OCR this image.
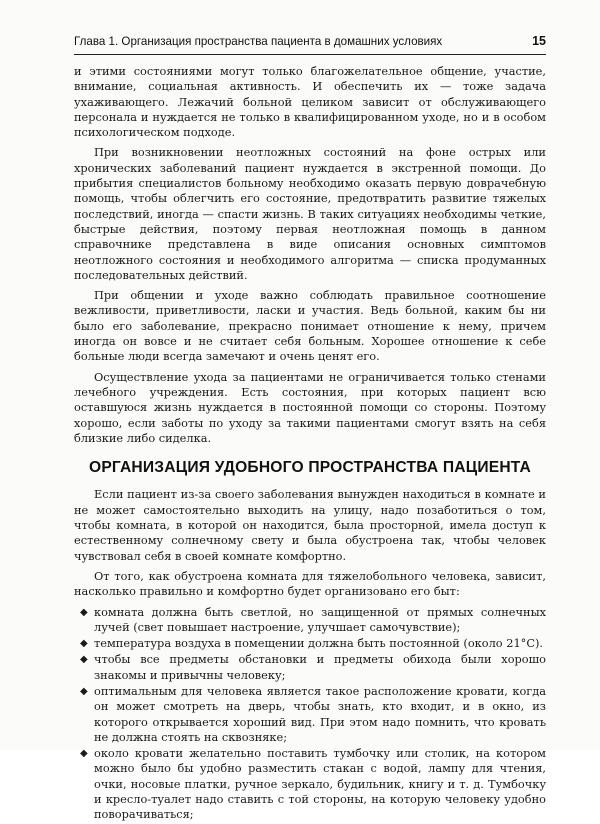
Глава 1. Организация пространства пациента в домашних условиях	15

и этими состояниями могут только благожелательное общение, участие, внимание, социальная активность. И обеспечить их — тоже задача ухаживающего. Лежачий больной целиком зависит от обслуживающего персонала и нуждается не только в квалифицированном уходе, но и в особом психологическом подходе.

При возникновении неотложных состояний на фоне острых или хронических заболеваний пациент нуждается в экстренной помощи. До прибытия специалистов больному необходимо оказать первую доврачебную помощь, чтобы облегчить его состояние, предотвратить развитие тяжелых последствий, иногда — спасти жизнь. В таких ситуациях необходимы четкие, быстрые действия, поэтому первая неотложная помощь в данном справочнике представлена в виде описания основных симптомов неотложного состояния и необходимого алгоритма — списка продуманных последовательных действий.

При общении и уходе важно соблюдать правильное соотношение вежливости, приветливости, ласки и участия. Ведь больной, каким бы ни было его заболевание, прекрасно понимает отношение к нему, причем иногда он вовсе и не считает себя больным. Хорошее отношение к себе больные люди всегда замечают и очень ценят его.

Осуществление ухода за пациентами не ограничивается только стенами лечебного учреждения. Есть состояния, при которых пациент всю оставшуюся жизнь нуждается в постоянной помощи со стороны. Поэтому хорошо, если заботы по уходу за такими пациентами смогут взять на себя близкие либо сиделка.

ОРГАНИЗАЦИЯ УДОБНОГО ПРОСТРАНСТВА ПАЦИЕНТА

Если пациент из-за своего заболевания вынужден находиться в комнате и не может самостоятельно выходить на улицу, надо позаботиться о том, чтобы комната, в которой он находится, была просторной, имела доступ к естественному солнечному свету и была обустроена так, чтобы человек чувствовал себя в своей комнате комфортно.

От того, как обустроена комната для тяжелобольного человека, зависит, насколько правильно и комфортно будет организовано его быт:

◆ комната должна быть светлой, но защищенной от прямых солнечных лучей (свет повышает настроение, улучшает самочувствие);
◆ температура воздуха в помещении должна быть постоянной (около 21°С).
◆ чтобы все предметы обстановки и предметы обихода были хорошо знакомы и привычны человеку;
◆ оптимальным для человека является такое расположение кровати, когда он может смотреть на дверь, чтобы знать, кто входит, и в окно, из которого открывается хороший вид. При этом надо помнить, что кровать не должна стоять на сквозняке;
◆ около кровати желательно поставить тумбочку или столик, на котором можно было бы удобно разместить стакан с водой, лампу для чтения, очки, носовые платки, ручное зеркало, будильник, книгу и т. д. Тумбочку и кресло-туалет надо ставить с той стороны, на которую человеку удобно поворачиваться;
